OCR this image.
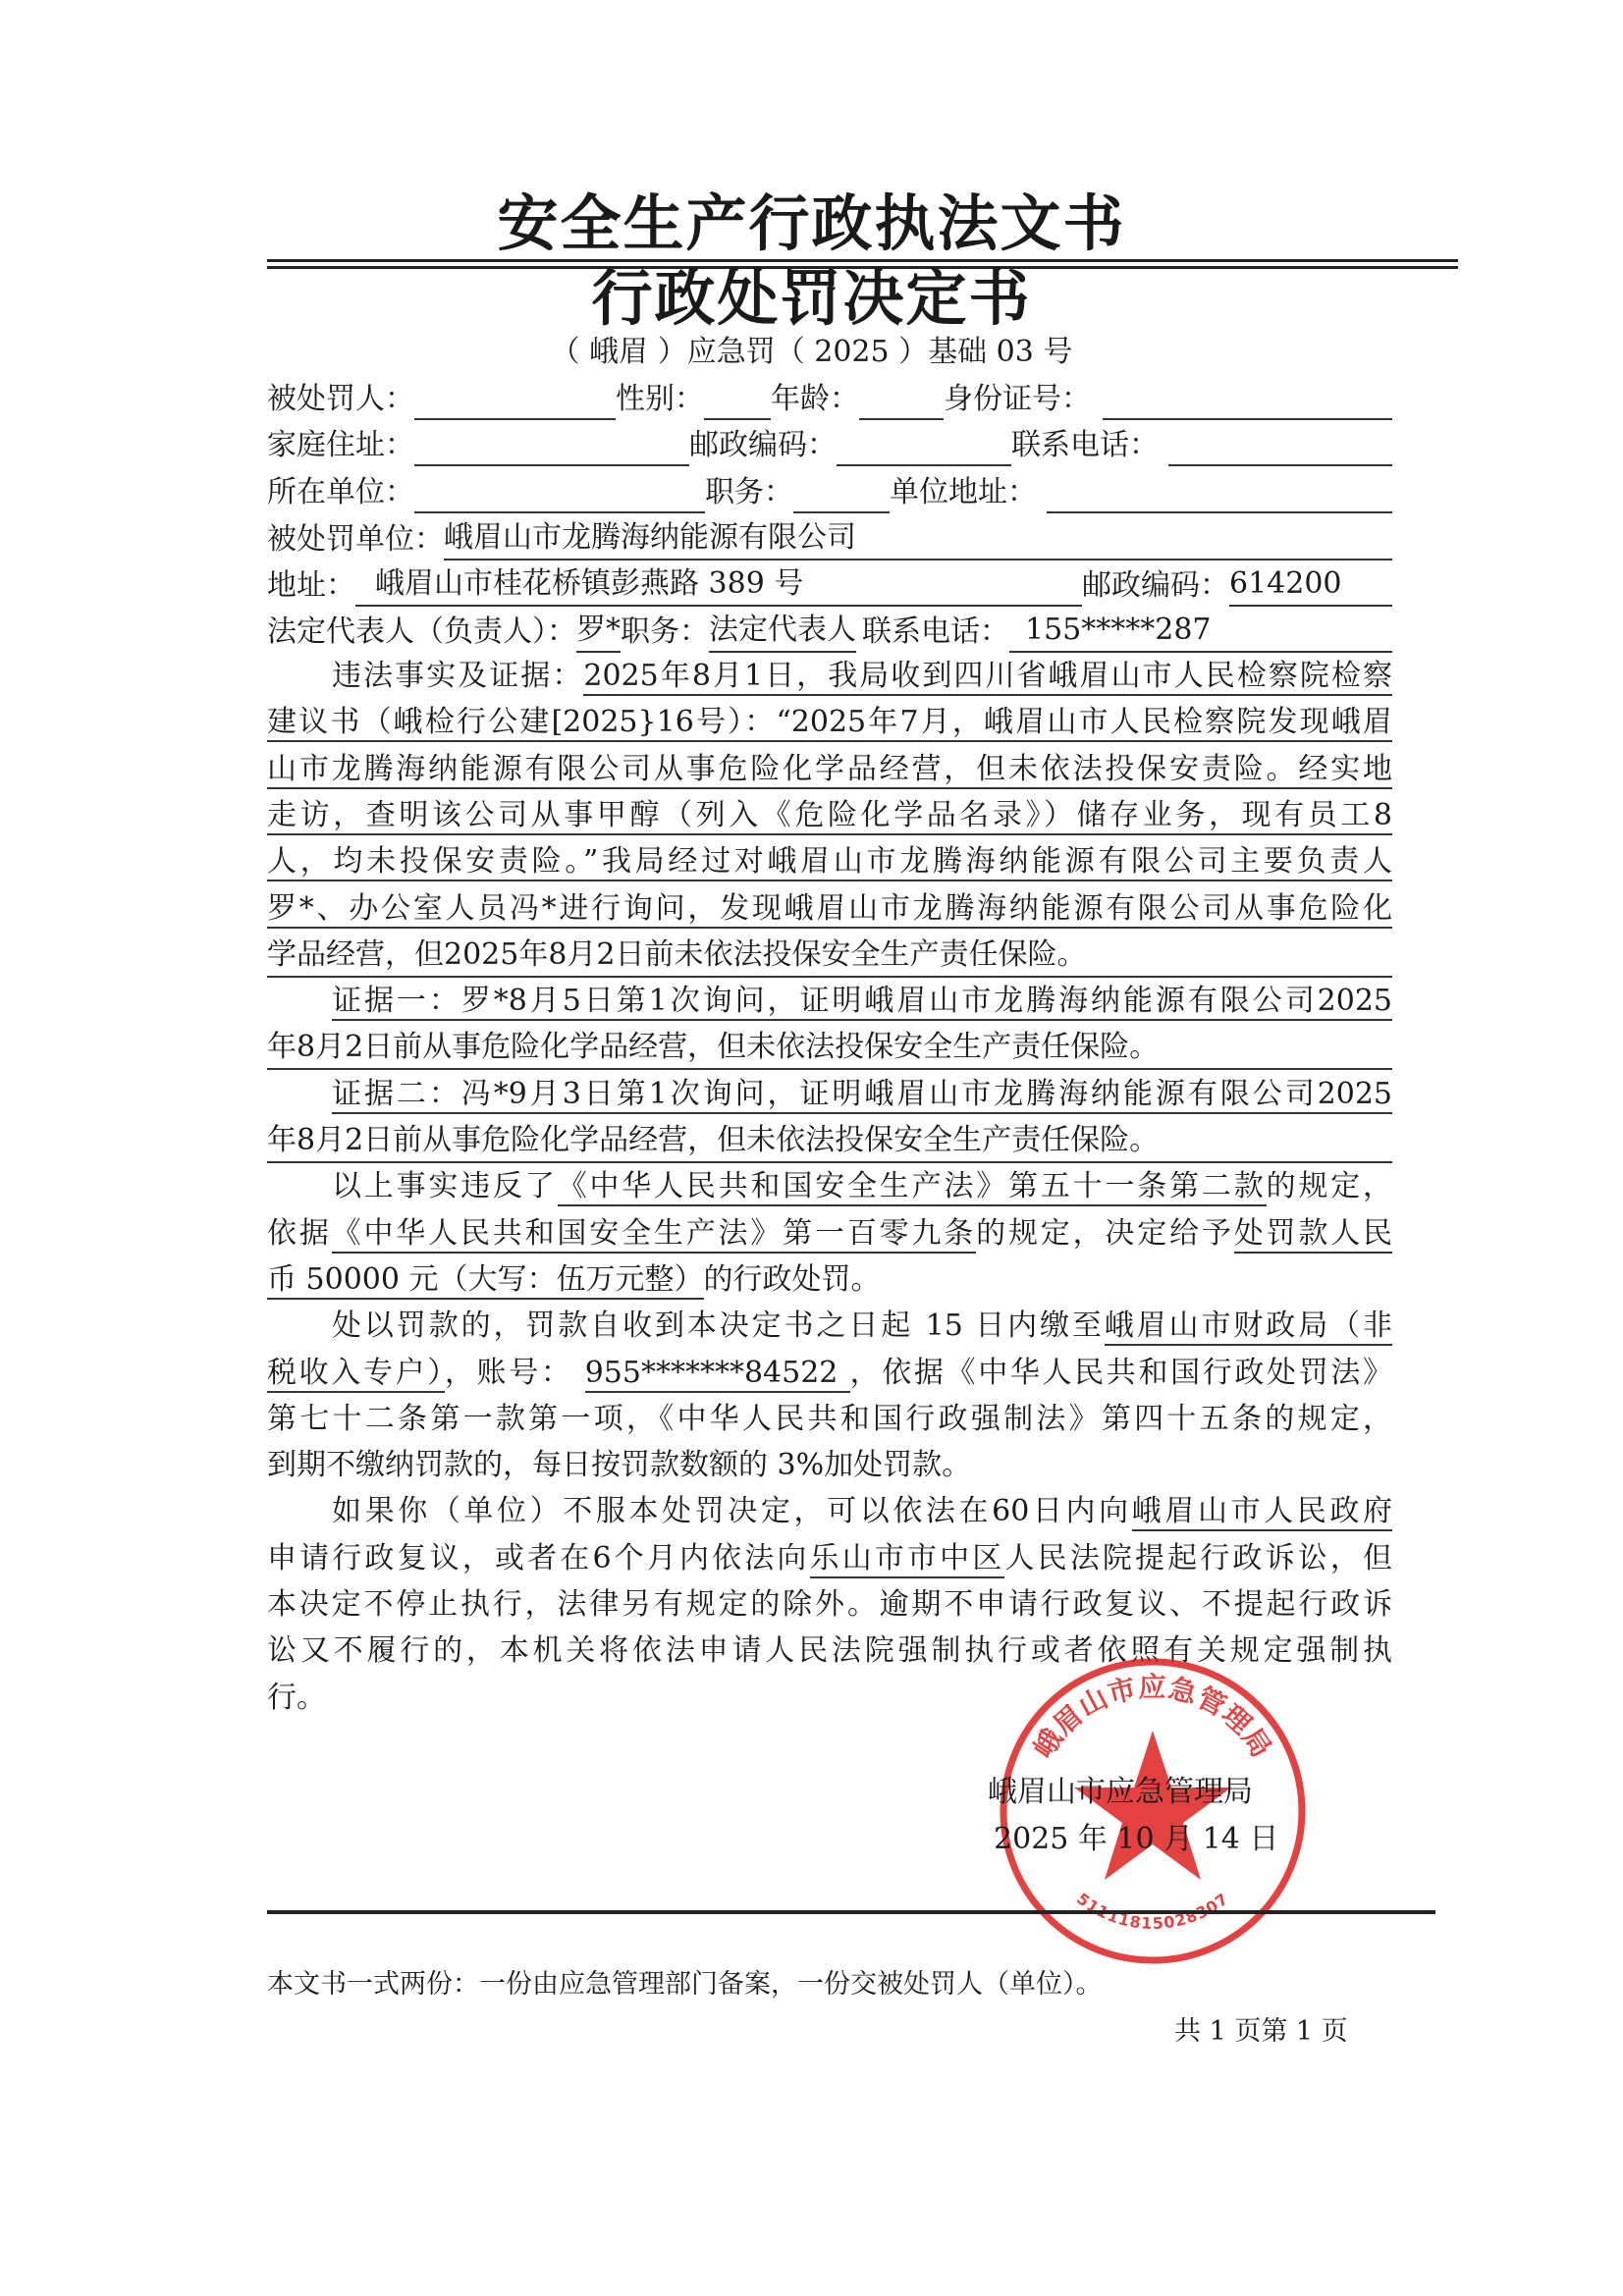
安全生产行政执法文书
行政处罚决定书
（ 峨眉 ）应急罚（ 2025 ）基础 03 号
被处罚人：	性别： 年龄：	身份证号：
家庭住址：	邮政编码：	联系电话：
所在单位：	职务：	单位地址：
被处罚单位： 峨眉山市龙腾海纳能源有限公司
地址： 峨眉山市桂花桥镇彭燕路 389 号	邮政编码： 614200
法定代表人（负责人）： 罗* 职务： 法定代表人 联系电话： 155*****287
违法事实及证据：2025年8月1日，我局收到四川省峨眉山市人民检察院检察
建议书（峨检行公建[2025}16号）：“2025年7月，峨眉山市人民检察院发现峨眉
山市龙腾海纳能源有限公司从事危险化学品经营，但未依法投保安责险。经实地
走访，查明该公司从事甲醇（列入《危险化学品名录》）储存业务，现有员工8
人，均未投保安责险。”我局经过对峨眉山市龙腾海纳能源有限公司主要负责人
罗*、办公室人员冯*进行询问，发现峨眉山市龙腾海纳能源有限公司从事危险化
学品经营，但2025年8月2日前未依法投保安全生产责任保险。
证据一：罗*8月5日第1次询问，证明峨眉山市龙腾海纳能源有限公司2025
年8月2日前从事危险化学品经营，但未依法投保安全生产责任保险。
证据二：冯*9月3日第1次询问，证明峨眉山市龙腾海纳能源有限公司2025
年8月2日前从事危险化学品经营，但未依法投保安全生产责任保险。
以上事实违反了《中华人民共和国安全生产法》第五十一条第二款的规定，
依据《中华人民共和国安全生产法》第一百零九条的规定，决定给予处罚款人民
币 50000 元（大写：伍万元整）的行政处罚。
处以罚款的，罚款自收到本决定书之日起 15 日内缴至峨眉山市财政局（非
税收入专户），账号： 955*******84522 ，依据《中华人民共和国行政处罚法》
第七十二条第一款第一项，《中华人民共和国行政强制法》第四十五条的规定，
到期不缴纳罚款的，每日按罚款数额的 3%加处罚款。
如果你（单位）不服本处罚决定，可以依法在60日内向峨眉山市人民政府
申请行政复议，或者在6个月内依法向乐山市市中区人民法院提起行政诉讼，但
本决定不停止执行，法律另有规定的除外。逾期不申请行政复议、不提起行政诉
讼又不履行的，本机关将依法申请人民法院强制执行或者依照有关规定强制执
行。
峨眉山市应急管理局
51111815028307
峨眉山市应急管理局
2025 年 10 月 14 日
本文书一式两份：一份由应急管理部门备案，一份交被处罚人（单位）。
共 1 页第 1 页
